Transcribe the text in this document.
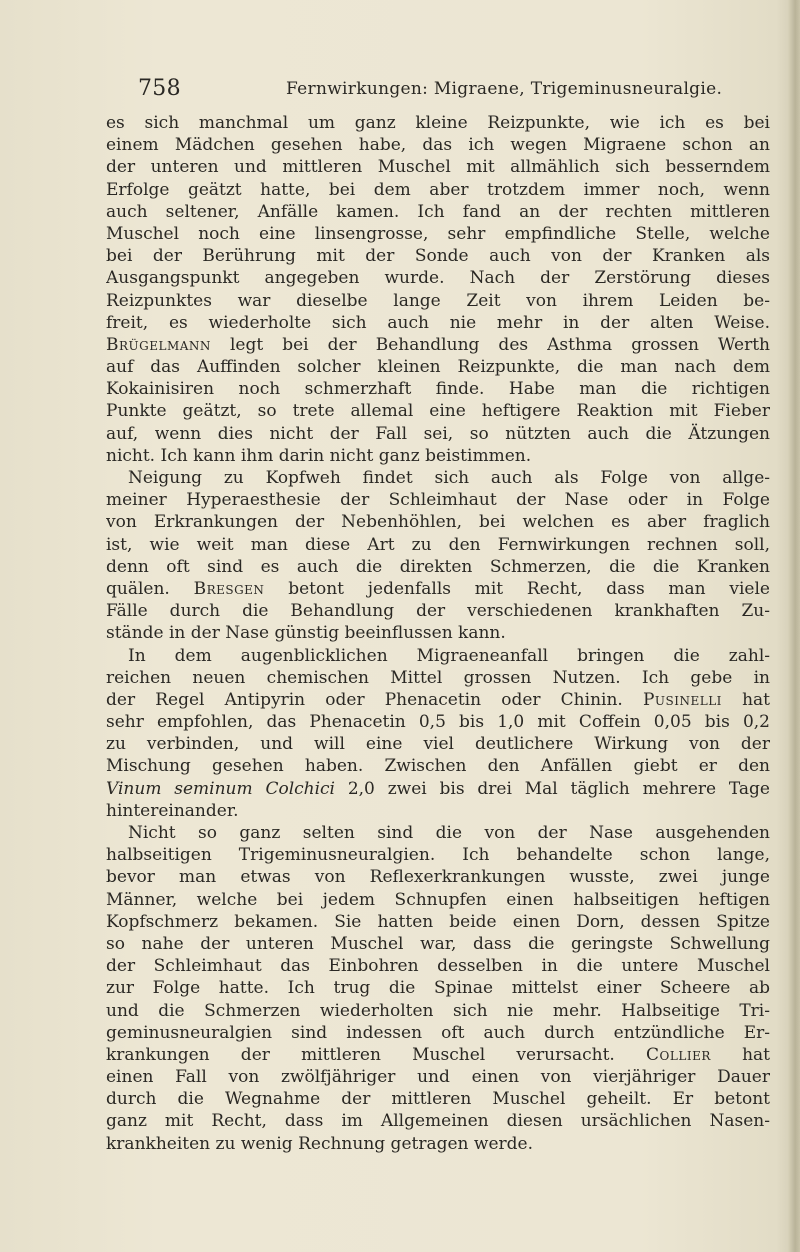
758	Fernwirkungen: Migraene, Trigeminusneuralgie.
es sich manchmal um ganz kleine Reizpunkte, wie ich es bei
einem Mädchen gesehen habe, das ich wegen Migraene schon an
der unteren und mittleren Muschel mit allmählich sich besserndem
Erfolge geätzt hatte, bei dem aber trotzdem immer noch, wenn
auch seltener, Anfälle kamen. Ich fand an der rechten mittleren
Muschel noch eine linsengrosse, sehr empfindliche Stelle, welche
bei der Berührung mit der Sonde auch von der Kranken als
Ausgangspunkt angegeben wurde. Nach der Zerstörung dieses
Reizpunktes war dieselbe lange Zeit von ihrem Leiden be-
freit, es wiederholte sich auch nie mehr in der alten Weise.
Brügelmann legt bei der Behandlung des Asthma grossen Werth
auf das Auffinden solcher kleinen Reizpunkte, die man nach dem
Kokainisiren noch schmerzhaft finde. Habe man die richtigen
Punkte geätzt, so trete allemal eine heftigere Reaktion mit Fieber
auf, wenn dies nicht der Fall sei, so nützten auch die Ätzungen
nicht. Ich kann ihm darin nicht ganz beistimmen.
Neigung zu Kopfweh findet sich auch als Folge von allge-
meiner Hyperaesthesie der Schleimhaut der Nase oder in Folge
von Erkrankungen der Nebenhöhlen, bei welchen es aber fraglich
ist, wie weit man diese Art zu den Fernwirkungen rechnen soll,
denn oft sind es auch die direkten Schmerzen, die die Kranken
quälen. Bresgen betont jedenfalls mit Recht, dass man viele
Fälle durch die Behandlung der verschiedenen krankhaften Zu-
stände in der Nase günstig beeinflussen kann.
In dem augenblicklichen Migraeneanfall bringen die zahl-
reichen neuen chemischen Mittel grossen Nutzen. Ich gebe in
der Regel Antipyrin oder Phenacetin oder Chinin. Pusinelli hat
sehr empfohlen, das Phenacetin 0,5 bis 1,0 mit Coffein 0,05 bis 0,2
zu verbinden, und will eine viel deutlichere Wirkung von der
Mischung gesehen haben. Zwischen den Anfällen giebt er den
Vinum seminum Colchici 2,0 zwei bis drei Mal täglich mehrere Tage
hintereinander.
Nicht so ganz selten sind die von der Nase ausgehenden
halbseitigen Trigeminusneuralgien. Ich behandelte schon lange,
bevor man etwas von Reflexerkrankungen wusste, zwei junge
Männer, welche bei jedem Schnupfen einen halbseitigen heftigen
Kopfschmerz bekamen. Sie hatten beide einen Dorn, dessen Spitze
so nahe der unteren Muschel war, dass die geringste Schwellung
der Schleimhaut das Einbohren desselben in die untere Muschel
zur Folge hatte. Ich trug die Spinae mittelst einer Scheere ab
und die Schmerzen wiederholten sich nie mehr. Halbseitige Tri-
geminusneuralgien sind indessen oft auch durch entzündliche Er-
krankungen der mittleren Muschel verursacht. Collier hat
einen Fall von zwölfjähriger und einen von vierjähriger Dauer
durch die Wegnahme der mittleren Muschel geheilt. Er betont
ganz mit Recht, dass im Allgemeinen diesen ursächlichen Nasen-
krankheiten zu wenig Rechnung getragen werde.
